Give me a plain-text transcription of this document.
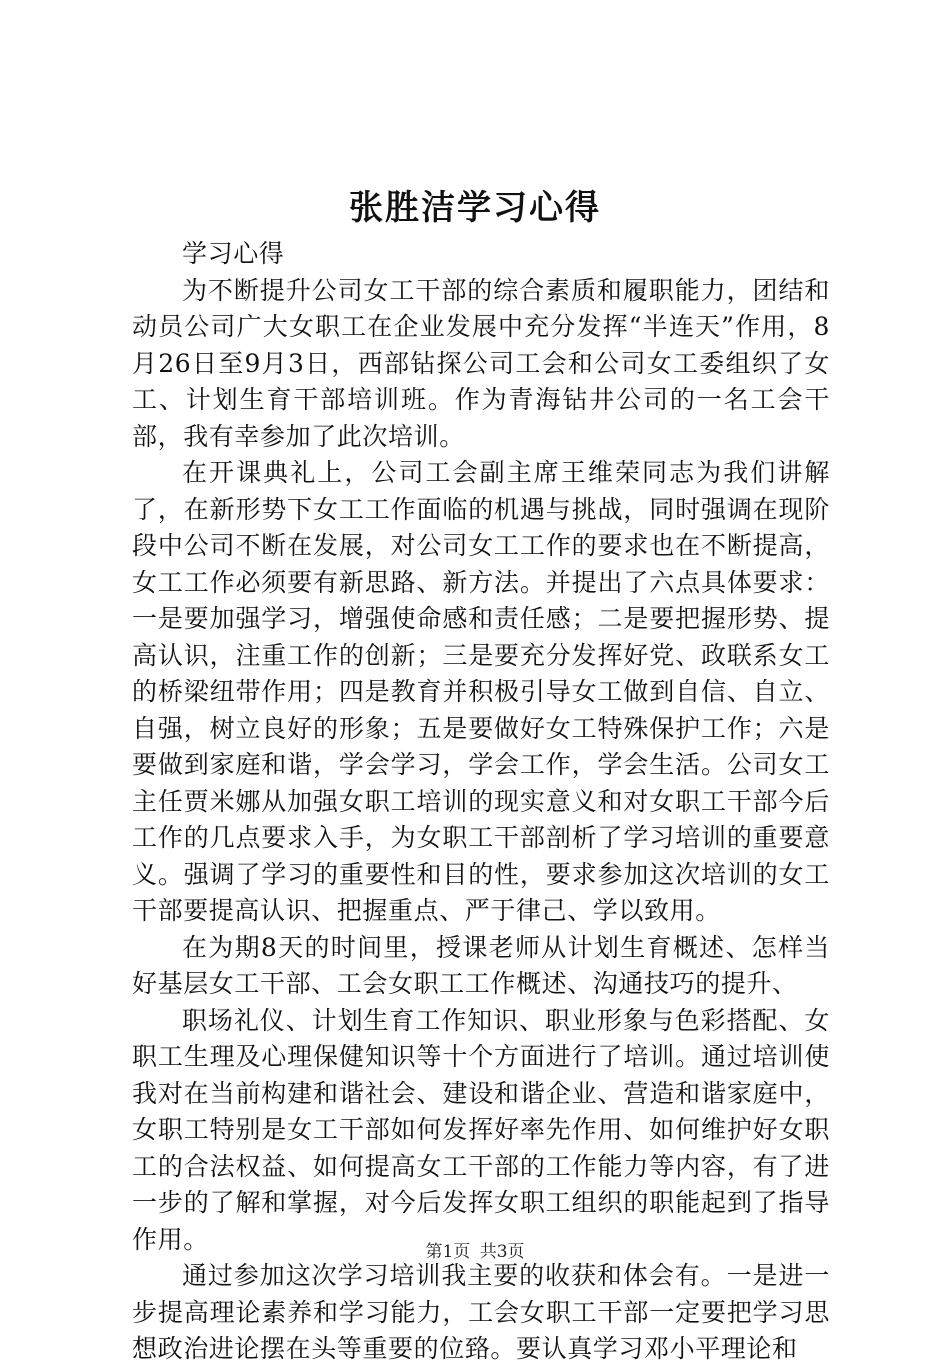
张胜洁学习心得

学习心得

为不断提升公司女工干部的综合素质和履职能力，团结和动员公司广大女职工在企业发展中充分发挥“半连天”作用，8月26日至9月3日，西部钻探公司工会和公司女工委组织了女工、计划生育干部培训班。作为青海钻井公司的一名工会干部，我有幸参加了此次培训。

在开课典礼上，公司工会副主席王维荣同志为我们讲解了，在新形势下女工工作面临的机遇与挑战，同时强调在现阶段中公司不断在发展，对公司女工工作的要求也在不断提高，女工工作必须要有新思路、新方法。并提出了六点具体要求：一是要加强学习，增强使命感和责任感；二是要把握形势、提高认识，注重工作的创新；三是要充分发挥好党、政联系女工的桥梁纽带作用；四是教育并积极引导女工做到自信、自立、自强，树立良好的形象；五是要做好女工特殊保护工作；六是要做到家庭和谐，学会学习，学会工作，学会生活。公司女工主任贾米娜从加强女职工培训的现实意义和对女职工干部今后工作的几点要求入手，为女职工干部剖析了学习培训的重要意义。强调了学习的重要性和目的性，要求参加这次培训的女工干部要提高认识、把握重点、严于律己、学以致用。

在为期8天的时间里，授课老师从计划生育概述、怎样当好基层女工干部、工会女职工工作概述、沟通技巧的提升、

职场礼仪、计划生育工作知识、职业形象与色彩搭配、女职工生理及心理保健知识等十个方面进行了培训。通过培训使我对在当前构建和谐社会、建设和谐企业、营造和谐家庭中，女职工特别是女工干部如何发挥好率先作用、如何维护好女职工的合法权益、如何提高女工干部的工作能力等内容，有了进一步的了解和掌握，对今后发挥女职工组织的职能起到了指导作用。

通过参加这次学习培训我主要的收获和体会有。一是进一步提高理论素养和学习能力，工会女职工干部一定要把学习思想政治进论摆在头等重要的位臵。要认真学习邓小平理论和

第1页 共3页
